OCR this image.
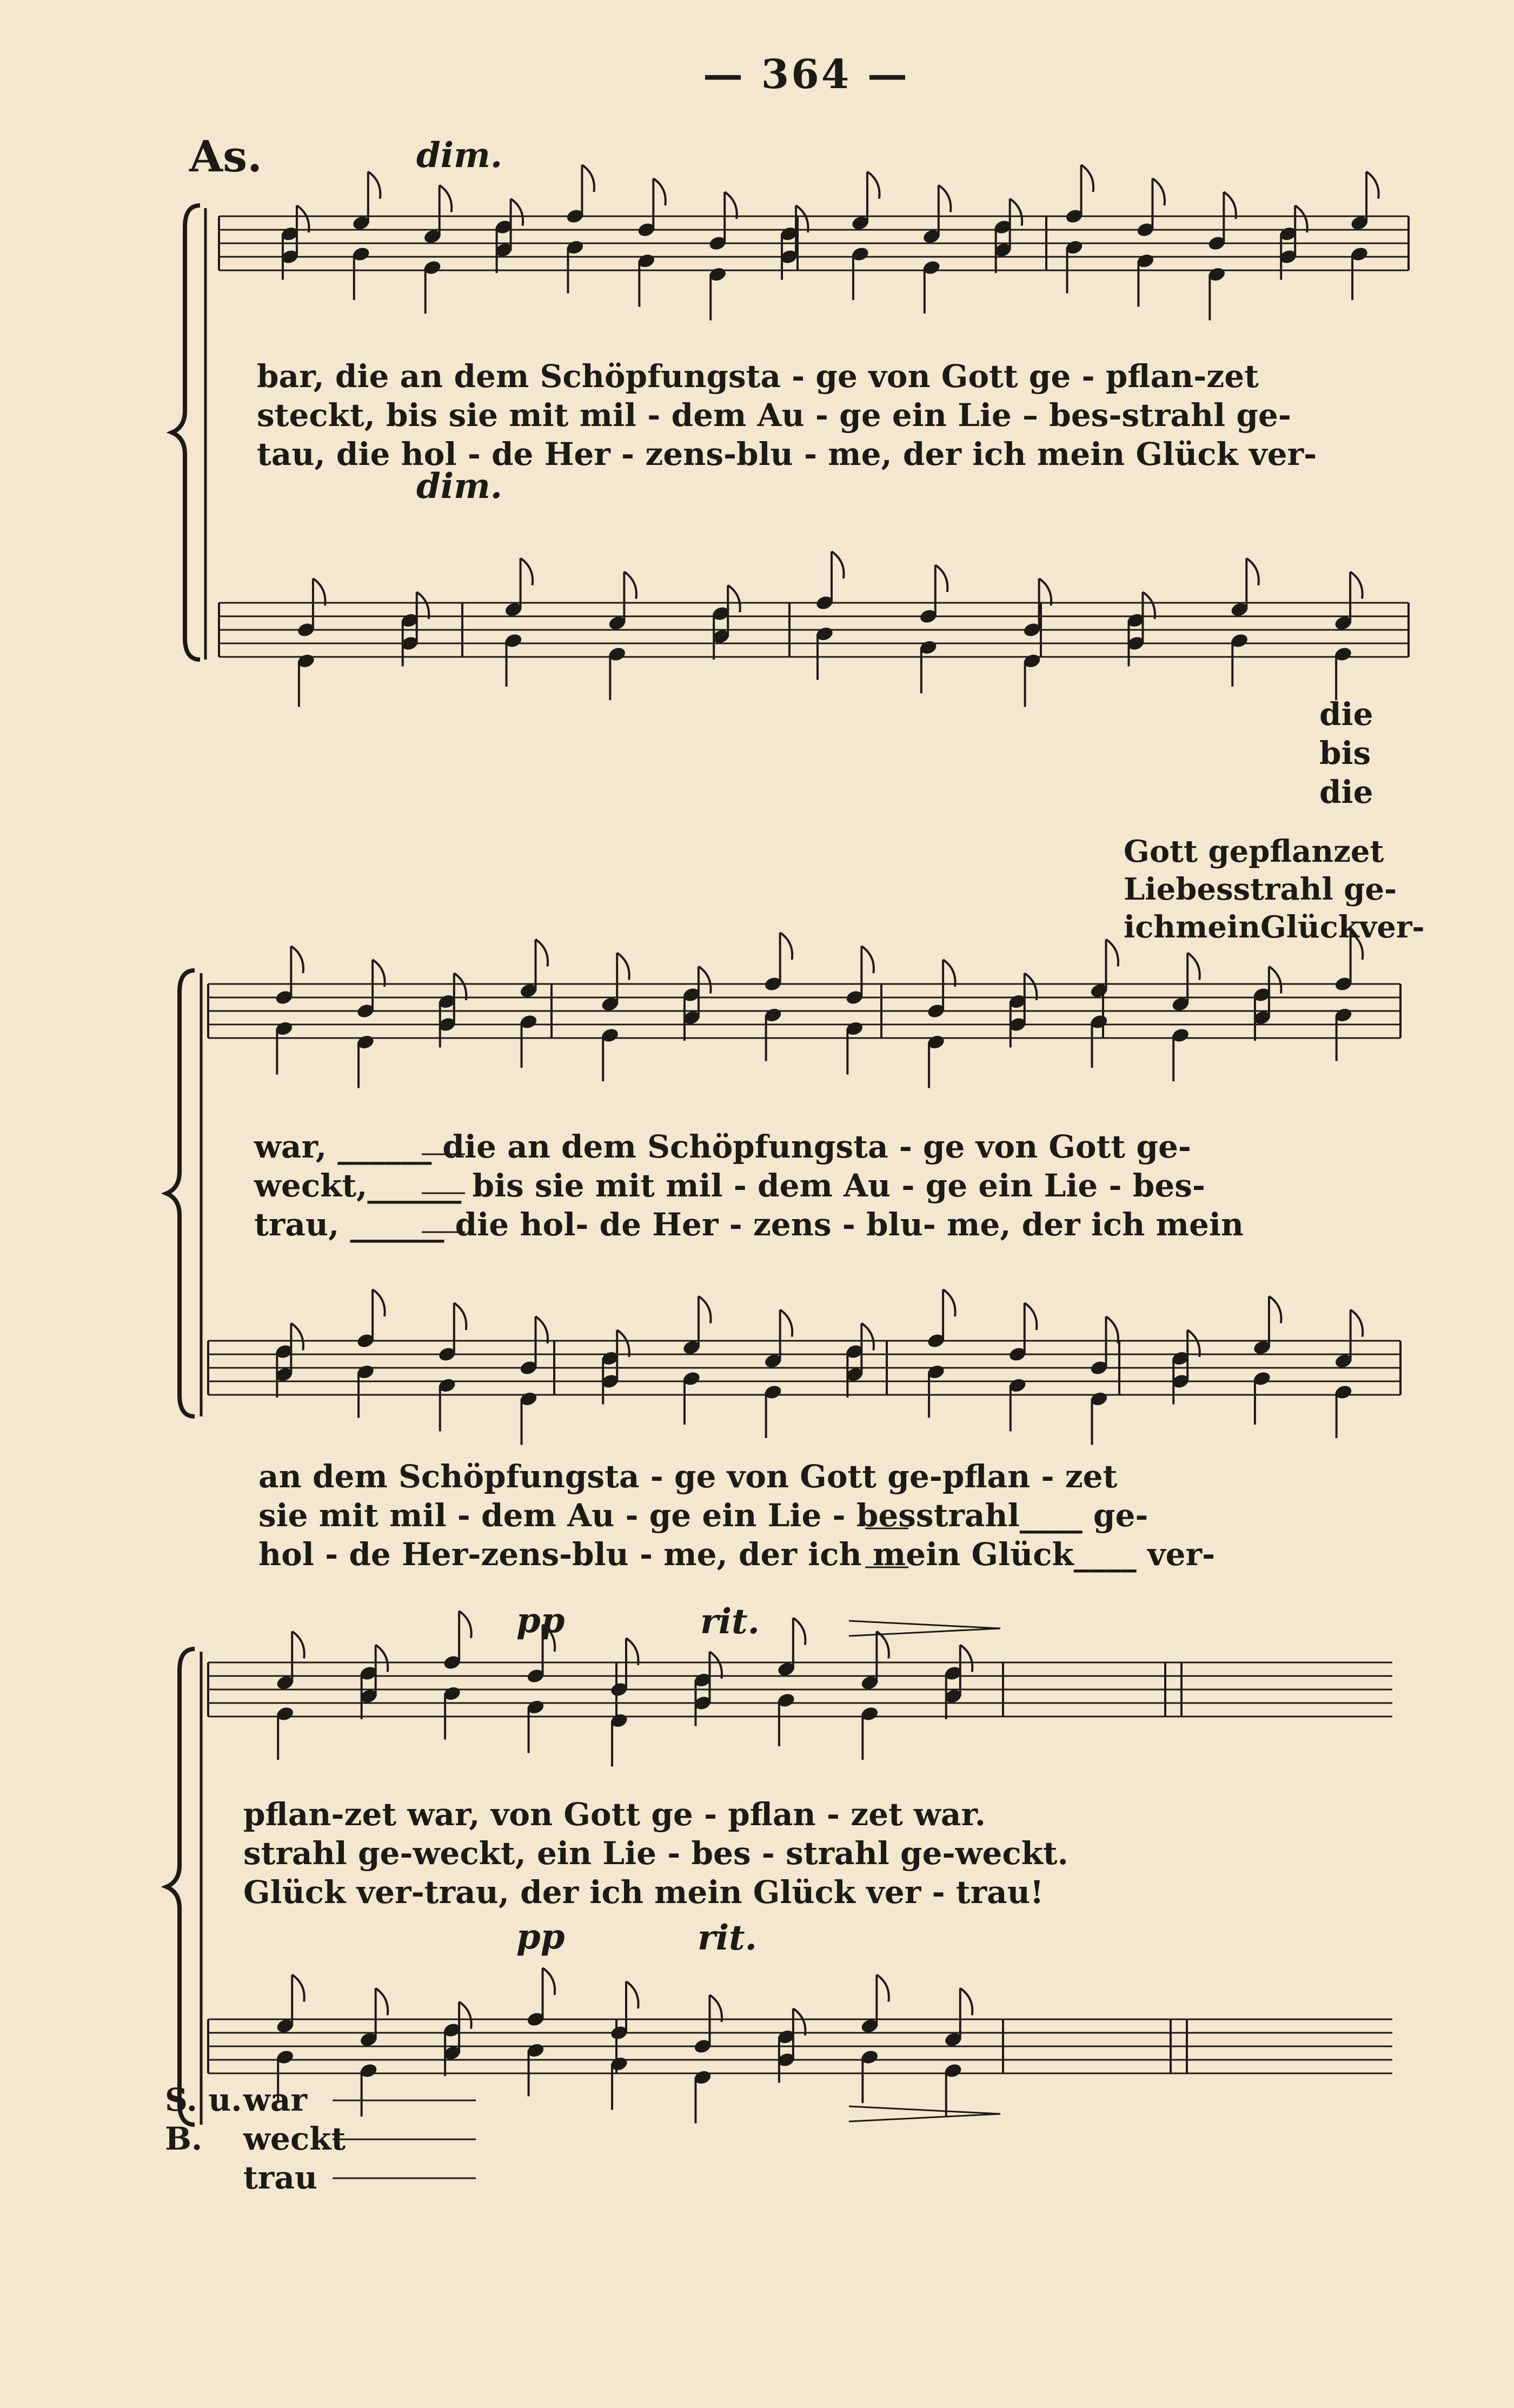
— 364 —
As.	dim.
dim.
pp	rit.
pp	rit.
bar, die an dem Schöpfungsta - ge von Gott ge - pflan-zet
steckt, bis sie mit mil - dem Au - ge ein Lie – bes-strahl ge-
tau, die hol - de Her - zens-blu - me, der ich mein Glück ver-
die
bis
die
Gott gepflanzet
Liebesstrahl ge-
ichmeinGlückver-
war, ______ die an dem Schöpfungsta - ge von Gott ge-
weckt,______ bis sie mit mil - dem Au - ge ein Lie - bes-
trau, ______ die hol- de Her - zens - blu- me, der ich mein
an dem Schöpfungsta - ge von Gott ge-pflan - zet
sie mit mil - dem Au - ge ein Lie - besstrahl____ ge-
hol - de Her-zens-blu - me, der ich mein Glück____ ver-
pflan-zet war, von Gott ge - pflan - zet war.
strahl ge-weckt, ein Lie - bes - strahl ge-weckt.
Glück ver-trau, der ich mein Glück ver - trau!
S. u.
B.
war
weckt
trau
